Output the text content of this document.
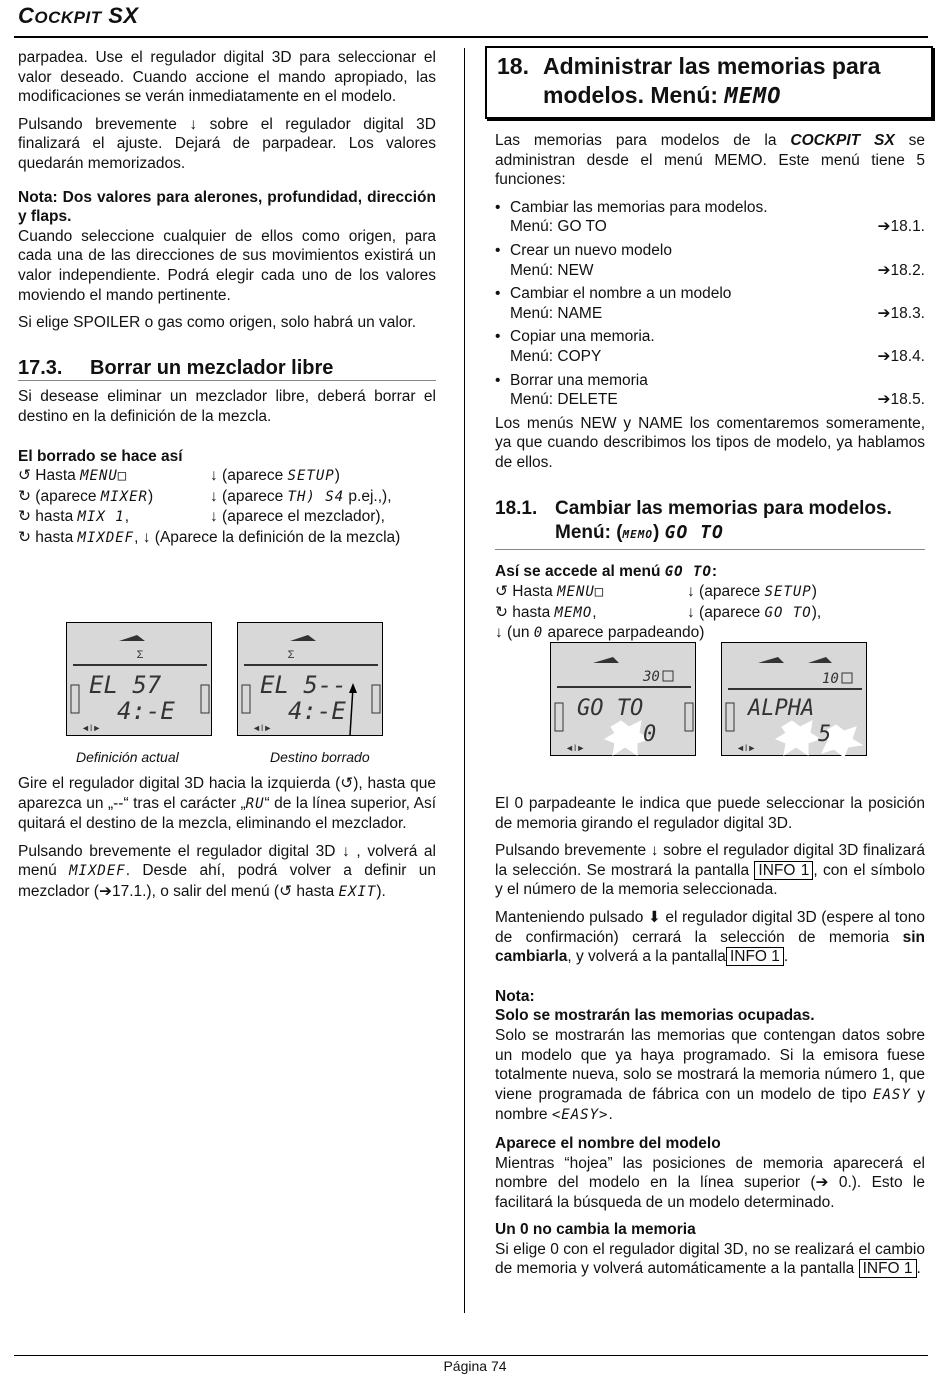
COCKPIT SX

parpadea. Use el regulador digital 3D para seleccionar el valor deseado. Cuando accione el mando apropiado, las modificaciones se verán inmediatamente en el modelo.

Pulsando brevemente ↓ sobre el regulador digital 3D finalizará el ajuste. Dejará de parpadear. Los valores quedarán memorizados.

Nota: Dos valores para alerones, profundidad, dirección y flaps.

Cuando seleccione cualquier de ellos como origen, para cada una de las direcciones de sus movimientos existirá un valor independiente. Podrá elegir cada uno de los valores moviendo el mando pertinente.

Si elige SPOILER o gas como origen, solo habrá un valor.

17.3. Borrar un mezclador libre

Si desease eliminar un mezclador libre, deberá borrar el destino en la definición de la mezcla.

El borrado se hace así

↺ Hasta MENU□	↓ (aparece SETUP)
↻ (aparece MIXER)	↓ (aparece TH) S4 p.ej.,),
↻ hasta MIX 1,	↓ (aparece el mezclador),
↻ hasta MIXDEF, ↓ (Aparece la definición de la mezcla)
Σ
EL 57
4:-E
◄I►
Σ
EL 5--
4:-E
◄I►
Definición actual	Destino borrado

Gire el regulador digital 3D hacia la izquierda (↺), hasta que aparezca un „--“ tras el carácter „RU“ de la línea superior, Así quitará el destino de la mezcla, eliminando el mezclador.

Pulsando brevemente el regulador digital 3D ↓ , volverá al menú MIXDEF. Desde ahí, podrá volver a definir un mezclador (➔17.1.), o salir del menú (↺ hasta EXIT).

18. Administrar las memorias para
modelos. Menú: MEMO

Las memorias para modelos de la COCKPIT SX se administran desde el menú MEMO. Este menú tiene 5 funciones:

• Cambiar las memorias para modelos.
Menú: GO TO	➔18.1.
• Crear un nuevo modelo
Menú: NEW	➔18.2.
• Cambiar el nombre a un modelo
Menú: NAME	➔18.3.
• Copiar una memoria.
Menú: COPY	➔18.4.
• Borrar una memoria
Menú: DELETE	➔18.5.

Los menús NEW y NAME los comentaremos someramente, ya que cuando describimos los tipos de modelo, ya hablamos de ellos.

18.1. Cambiar las memorias para modelos.
Menú: (MEMO) GO TO

Así se accede al menú GO TO:

↺ Hasta MENU□	↓ (aparece SETUP)
↻ hasta MEMO,	↓ (aparece GO TO),
↓ (un 0 aparece parpadeando)
30
GO TO
0
◄I►
10
ALPHA
5
◄I►

El 0 parpadeante le indica que puede seleccionar la posición de memoria girando el regulador digital 3D.

Pulsando brevemente ↓ sobre el regulador digital 3D finalizará la selección. Se mostrará la pantalla INFO 1 , con el símbolo y el número de la memoria seleccionada.

Manteniendo pulsado ⬇ el regulador digital 3D (espere al tono de confirmación) cerrará la selección de memoria sin cambiarla, y volverá a la pantalla INFO 1 .

Nota:

Solo se mostrarán las memorias ocupadas.

Solo se mostrarán las memorias que contengan datos sobre un modelo que ya haya programado. Si la emisora fuese totalmente nueva, solo se mostrará la memoria número 1, que viene programada de fábrica con un modelo de tipo EASY y nombre <EASY>.

Aparece el nombre del modelo

Mientras “hojea” las posiciones de memoria aparecerá el nombre del modelo en la línea superior (➔ 0.). Esto le facilitará la búsqueda de un modelo determinado.

Un 0 no cambia la memoria

Si elige 0 con el regulador digital 3D, no se realizará el cambio de memoria y volverá automáticamente a la pantalla INFO 1 .

Página 74
